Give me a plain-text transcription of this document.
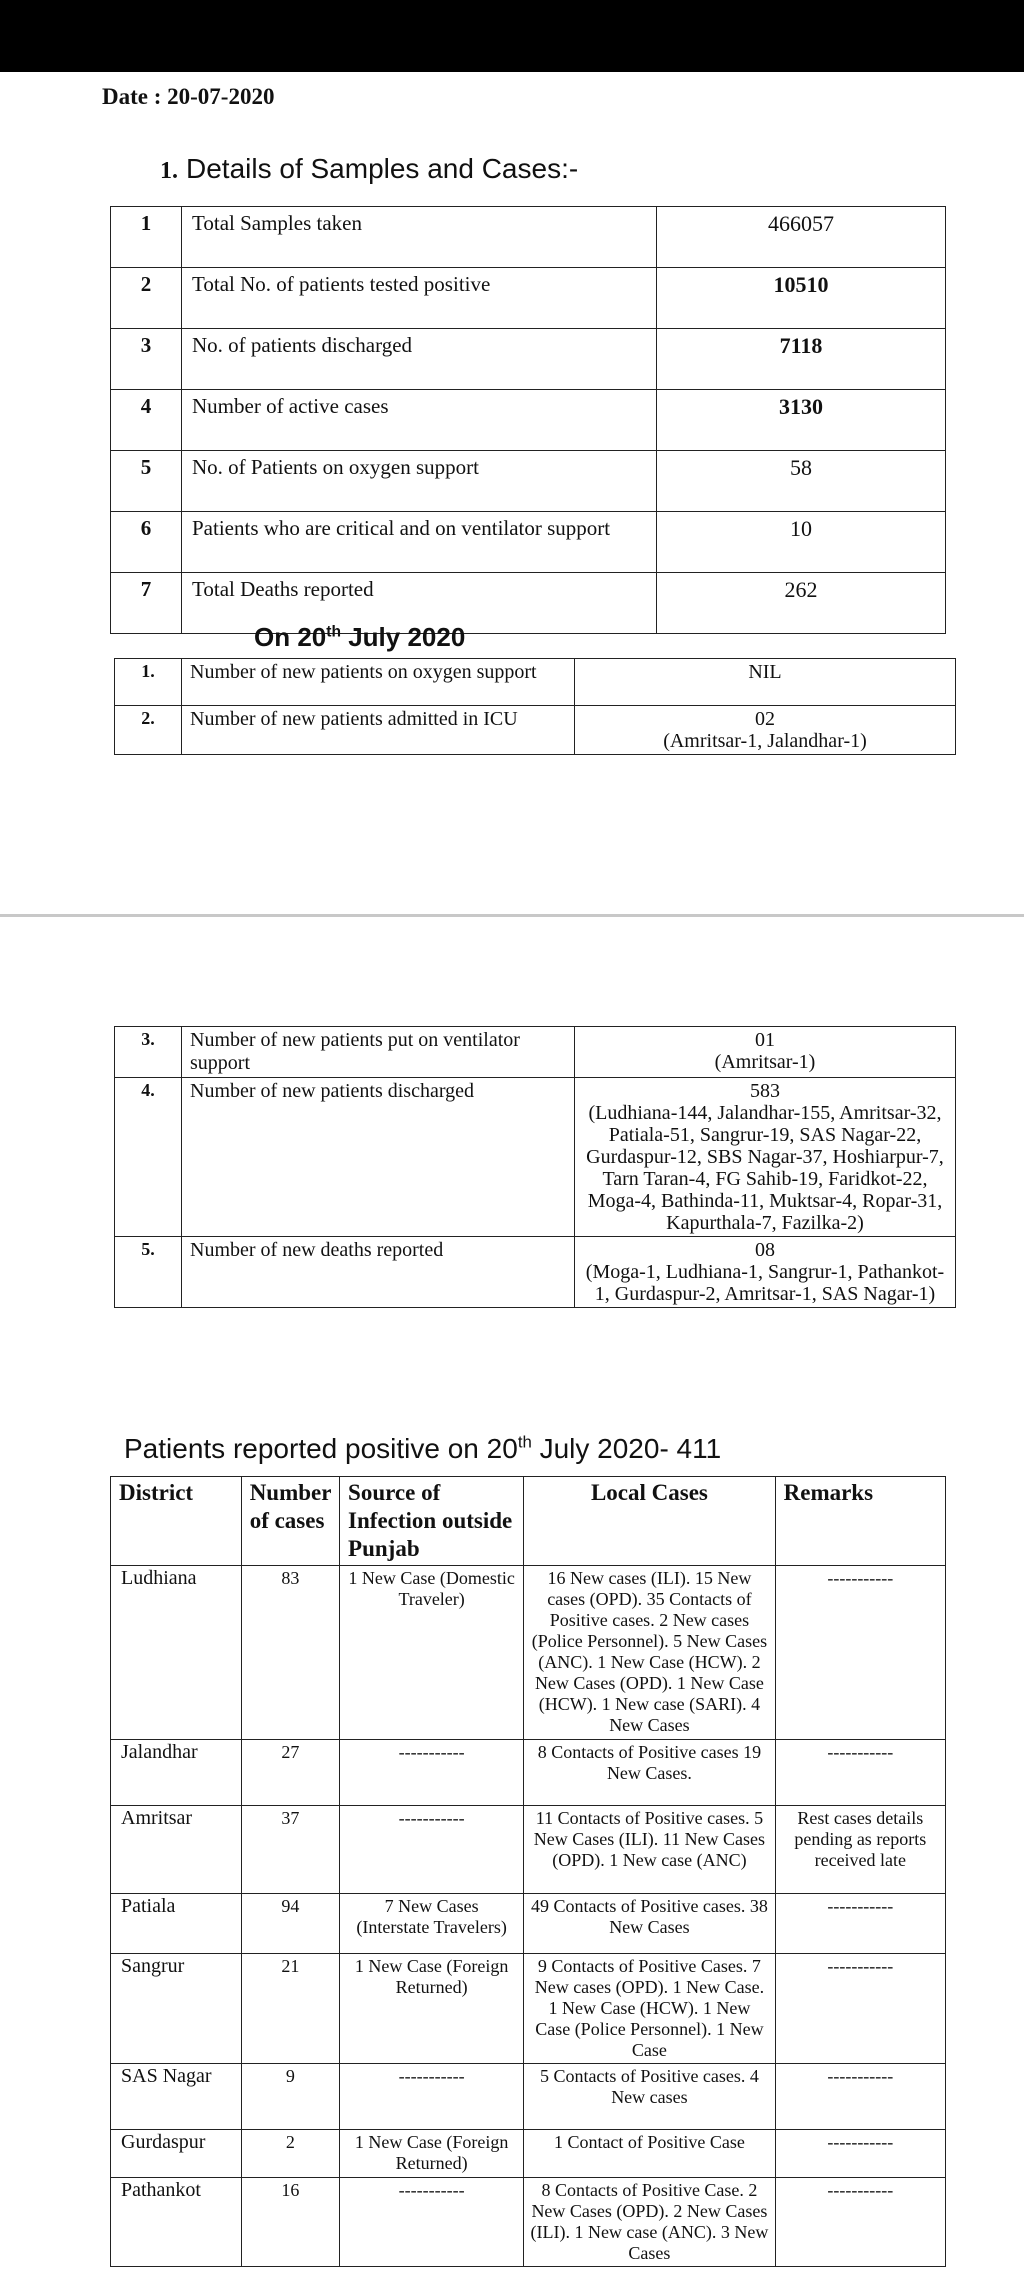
Date : 20-07-2020
1. Details of Samples and Cases:-
1	Total Samples taken	466057
2	Total No. of patients tested positive	10510
3	No. of patients discharged	7118
4	Number of active cases	3130
5	No. of Patients on oxygen support	58
6	Patients who are critical and on ventilator support	10
7	Total Deaths reported	262
On 20th July 2020
1.	Number of new patients on oxygen support	NIL

2.	Number of new patients admitted in ICU	02
(Amritsar-1, Jalandhar-1)
3.	Number of new patients put on ventilator support	01
(Amritsar-1)

4.	Number of new patients discharged	583
(Ludhiana-144, Jalandhar-155, Amritsar-32, Patiala-51, Sangrur-19, SAS Nagar-22, Gurdaspur-12, SBS Nagar-37, Hoshiarpur-7, Tarn Taran-4, FG Sahib-19, Faridkot-22, Moga-4, Bathinda-11, Muktsar-4, Ropar-31, Kapurthala-7, Fazilka-2)

5.	Number of new deaths reported	08
(Moga-1, Ludhiana-1, Sangrur-1, Pathankot-1, Gurdaspur-2, Amritsar-1, SAS Nagar-1)
Patients reported positive on 20th July 2020- 411
District	Number of cases	Source of Infection outside Punjab	Local Cases	Remarks
Ludhiana	83	1 New Case (Domestic Traveler)	16 New cases (ILI). 15 New cases (OPD). 35 Contacts of Positive cases. 2 New cases (Police Personnel). 5 New Cases (ANC). 1 New Case (HCW). 2 New Cases (OPD). 1 New Case (HCW). 1 New case (SARI). 4 New Cases	-----------
Jalandhar	27	-----------	8 Contacts of Positive cases 19 New Cases.	-----------
Amritsar	37	-----------	11 Contacts of Positive cases. 5 New Cases (ILI). 11 New Cases (OPD). 1 New case (ANC)	Rest cases details pending as reports received late
Patiala	94	7 New Cases (Interstate Travelers)	49 Contacts of Positive cases. 38 New Cases	-----------
Sangrur	21	1 New Case (Foreign Returned)	9 Contacts of Positive Cases. 7 New cases (OPD). 1 New Case. 1 New Case (HCW). 1 New Case (Police Personnel). 1 New Case	-----------
SAS Nagar	9	-----------	5 Contacts of Positive cases. 4 New cases	-----------
Gurdaspur	2	1 New Case (Foreign Returned)	1 Contact of Positive Case	-----------
Pathankot	16	-----------	8 Contacts of Positive Case. 2 New Cases (OPD). 2 New Cases (ILI). 1 New case (ANC). 3 New Cases	-----------
